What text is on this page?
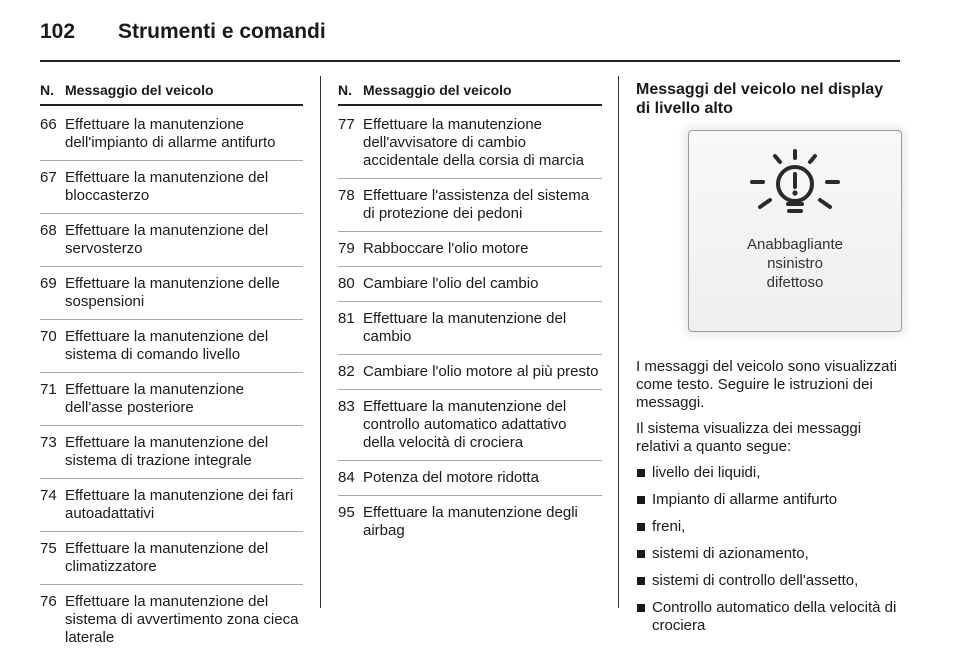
102 Strumenti e comandi
N. Messaggio del veicolo
66 Effettuare la manutenzione dell'impianto di allarme antifurto
67 Effettuare la manutenzione del bloccasterzo
68 Effettuare la manutenzione del servosterzo
69 Effettuare la manutenzione delle sospensioni
70 Effettuare la manutenzione del sistema di comando livello
71 Effettuare la manutenzione dell'asse posteriore
73 Effettuare la manutenzione del sistema di trazione integrale
74 Effettuare la manutenzione dei fari autoadattativi
75 Effettuare la manutenzione del climatizzatore
76 Effettuare la manutenzione del sistema di avvertimento zona cieca laterale
N. Messaggio del veicolo
77 Effettuare la manutenzione dell'avvisatore di cambio accidentale della corsia di marcia
78 Effettuare l'assistenza del sistema di protezione dei pedoni
79 Rabboccare l'olio motore
80 Cambiare l'olio del cambio
81 Effettuare la manutenzione del cambio
82 Cambiare l'olio motore al più presto
83 Effettuare la manutenzione del controllo automatico adattativo della velocità di crociera
84 Potenza del motore ridotta
95 Effettuare la manutenzione degli airbag
Messaggi del veicolo nel display di livello alto
Anabbagliante
nsinistro
difettoso

I messaggi del veicolo sono visualizzati come testo. Seguire le istruzioni dei messaggi.

Il sistema visualizza dei messaggi relativi a quanto segue:

livello dei liquidi,
Impianto di allarme antifurto
freni,
sistemi di azionamento,
sistemi di controllo dell'assetto,
Controllo automatico della velocità di crociera
